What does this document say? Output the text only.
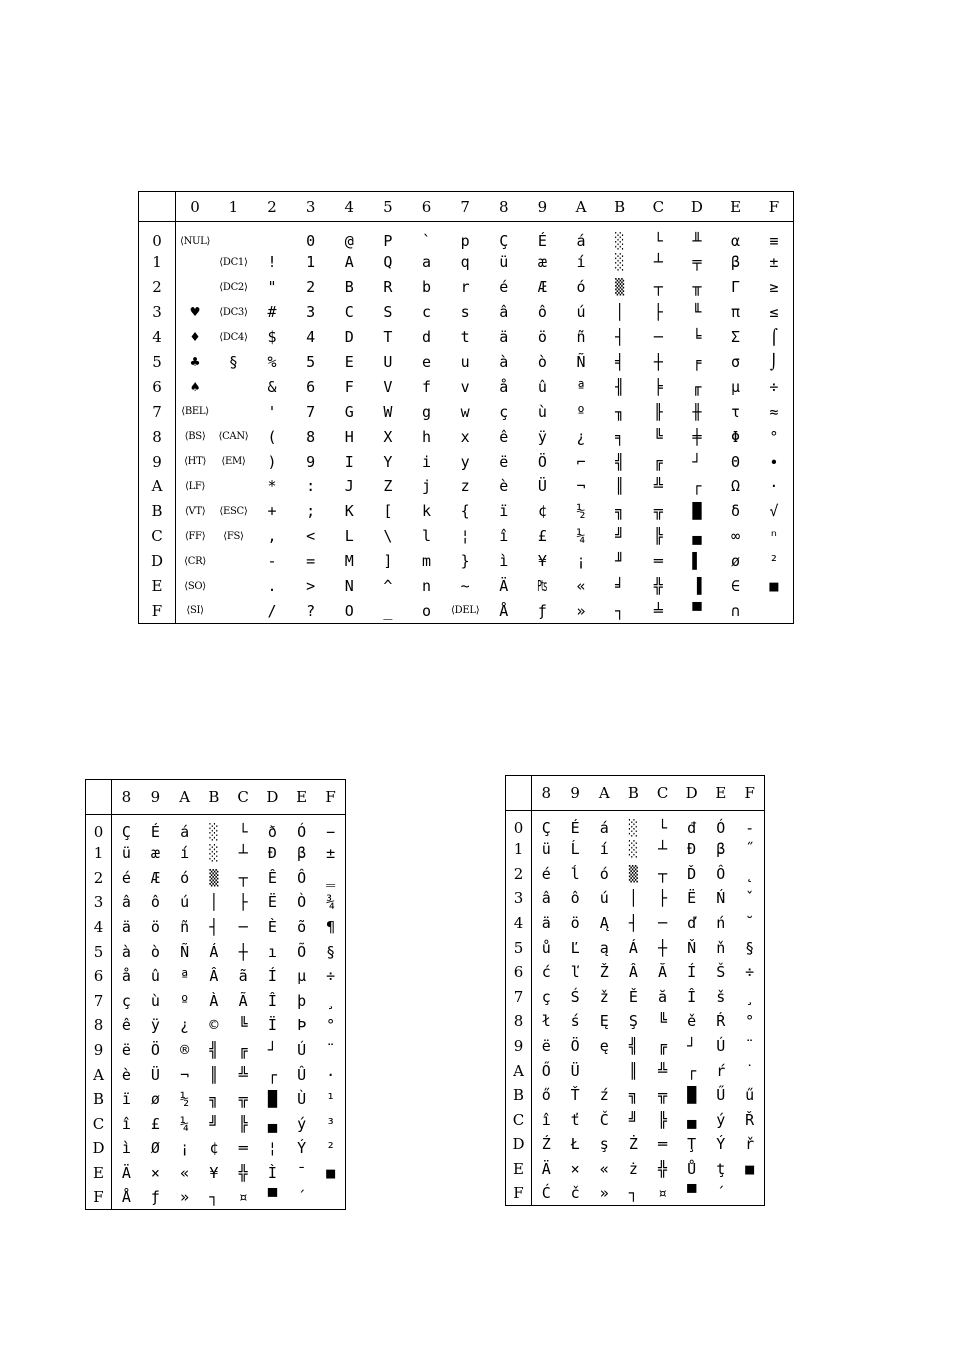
	0	1	2	3	4	5	6	7	8	9	A	B	C	D	E	F
0	⟨NUL⟩			0	@	P	`	p	Ç	É	á	░	└	╨	α	≡
1		⟨DC1⟩	!	1	A	Q	a	q	ü	æ	í	░	┴	╤	β	±
2		⟨DC2⟩	"	2	B	R	b	r	é	Æ	ó	▒	┬	╥	Γ	≥
3	♥	⟨DC3⟩	#	3	C	S	c	s	â	ô	ú	│	├	╙	π	≤
4	♦	⟨DC4⟩	$	4	D	T	d	t	ä	ö	ñ	┤	─	╘	Σ	⌠
5	♣	§	%	5	E	U	e	u	à	ò	Ñ	╡	┼	╒	σ	⌡
6	♠		&	6	F	V	f	v	å	û	ª	╢	╞	╓	µ	÷
7	⟨BEL⟩		'	7	G	W	g	w	ç	ù	º	╖	╟	╫	τ	≈
8	⟨BS⟩	⟨CAN⟩	(	8	H	X	h	x	ê	ÿ	¿	╕	╚	╪	Φ	°
9	⟨HT⟩	⟨EM⟩	)	9	I	Y	i	y	ë	Ö	⌐	╣	╔	┘	Θ	∙
A	⟨LF⟩		*	:	J	Z	j	z	è	Ü	¬	║	╩	┌	Ω	·
B	⟨VT⟩	⟨ESC⟩	+	;	K	[	k	{	ï	¢	½	╗	╦	█	δ	√
C	⟨FF⟩	⟨FS⟩	,	<	L	\	l	¦	î	£	¼	╝	╠	▄	∞	ⁿ
D	⟨CR⟩		-	=	M	]	m	}	ì	¥	¡	╜	═	▌	ø	²
E	⟨SO⟩		.	>	N	^	n	~	Ä	₧	«	╛	╬	▐	∈	■
F	⟨SI⟩		/	?	O	_	o	⟨DEL⟩	Å	ƒ	»	┐	╧	▀	∩	
	8	9	A	B	C	D	E	F
0	Ç	É	á	░	└	ð	Ó	−
1	ü	æ	í	░	┴	Đ	β	±
2	é	Æ	ó	▒	┬	Ê	Ô	‗
3	â	ô	ú	│	├	Ë	Ò	¾
4	ä	ö	ñ	┤	─	È	õ	¶
5	à	ò	Ñ	Á	┼	ı	Õ	§
6	å	û	ª	Â	ã	Í	µ	÷
7	ç	ù	º	À	Ã	Î	þ	¸
8	ê	ÿ	¿	©	╚	Ï	Þ	°
9	ë	Ö	®	╣	╔	┘	Ú	¨
A	è	Ü	¬	║	╩	┌	Û	·
B	ï	ø	½	╗	╦	█	Ù	¹
C	î	£	¼	╝	╠	▄	ý	³
D	ì	Ø	¡	¢	═	¦	Ý	²
E	Ä	×	«	¥	╬	Ì	¯	■
F	Å	ƒ	»	┐	¤	▀	´	
	8	9	A	B	C	D	E	F
0	Ç	É	á	░	└	đ	Ó	-
1	ü	Ĺ	í	░	┴	Đ	β	˝
2	é	ĺ	ó	▒	┬	Ď	Ô	˛
3	â	ô	ú	│	├	Ë	Ń	ˇ
4	ä	ö	Ą	┤	─	ď	ń	˘
5	ů	Ľ	ą	Á	┼	Ň	ň	§
6	ć	ľ	Ž	Â	Ă	Í	Š	÷
7	ç	Ś	ž	Ě	ă	Î	š	¸
8	ł	ś	Ę	Ş	╚	ě	Ŕ	°
9	ë	Ö	ę	╣	╔	┘	Ú	¨
A	Ő	Ü		║	╩	┌	ŕ	˙
B	ő	Ť	ź	╗	╦	█	Ű	ű
C	î	ť	Č	╝	╠	▄	ý	Ř
D	Ź	Ł	ş	Ż	═	Ţ	Ý	ř
E	Ä	×	«	ż	╬	Ů	ţ	■
F	Ć	č	»	┐	¤	▀	´	
